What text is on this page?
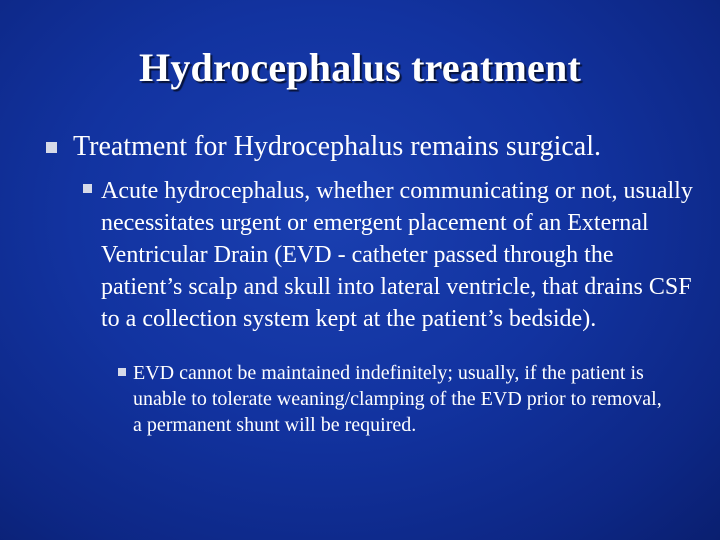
Hydrocephalus treatment
Treatment for Hydrocephalus remains surgical.
Acute hydrocephalus, whether communicating or not, usually necessitates urgent or emergent placement of an External Ventricular Drain (EVD - catheter passed through the patient’s scalp and skull into lateral ventricle, that drains CSF to a collection system kept at the patient’s bedside).
EVD cannot be maintained indefinitely; usually, if the patient is unable to tolerate weaning/clamping of the EVD prior to removal, a permanent shunt will be required.
